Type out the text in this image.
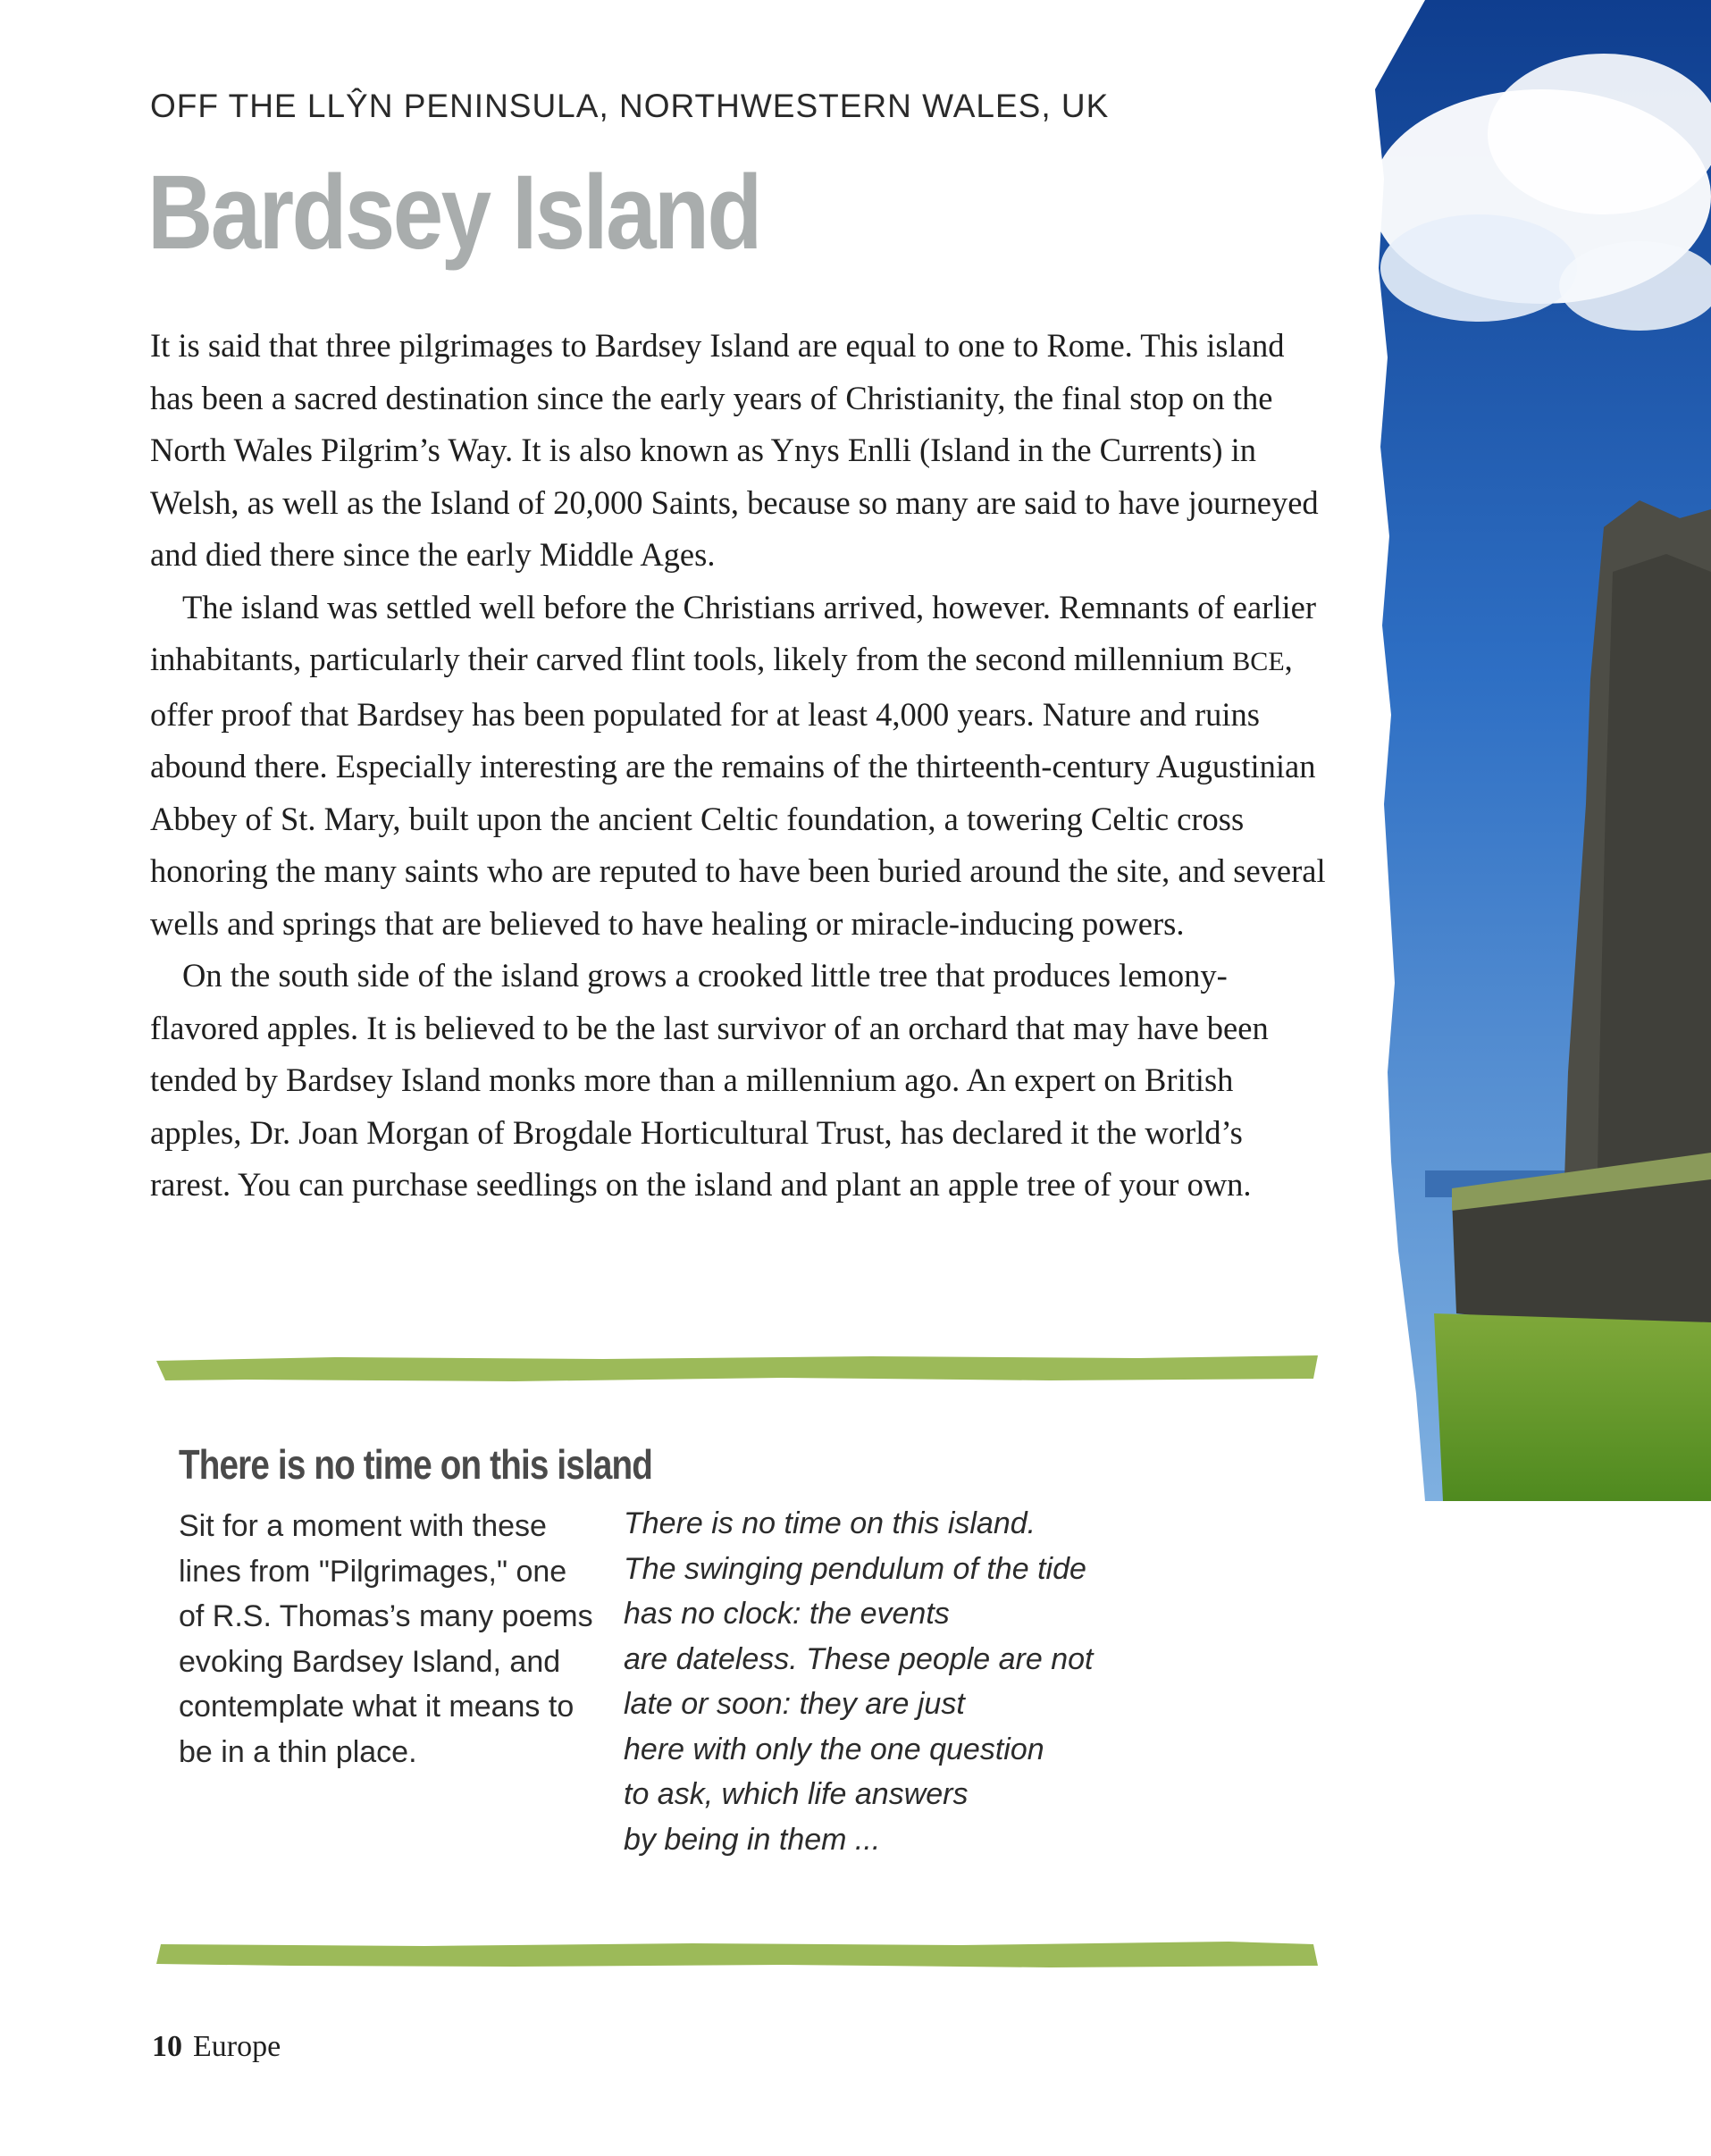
OFF THE LLŶN PENINSULA, NORTHWESTERN WALES, UK
Bardsey Island

It is said that three pilgrimages to Bardsey Island are equal to one to Rome. This island has been a sacred destination since the early years of Christianity, the final stop on the North Wales Pilgrim’s Way. It is also known as Ynys Enlli (Island in the Currents) in Welsh, as well as the Island of 20,000 Saints, because so many are said to have journeyed and died there since the early Middle Ages.

The island was settled well before the Christians arrived, however. Remnants of earlier inhabitants, particularly their carved flint tools, likely from the second millennium BCE, offer proof that Bardsey has been populated for at least 4,000 years. Nature and ruins abound there. Especially interesting are the remains of the thirteenth-century Augustinian Abbey of St. Mary, built upon the ancient Celtic foundation, a towering Celtic cross honoring the many saints who are reputed to have been buried around the site, and several wells and springs that are believed to have healing or miracle-inducing powers.

On the south side of the island grows a crooked little tree that produces lemony-flavored apples. It is believed to be the last survivor of an orchard that may have been tended by Bardsey Island monks more than a millennium ago. An expert on British apples, Dr. Joan Morgan of Brogdale Horticultural Trust, has declared it the world’s rarest. You can purchase seedlings on the island and plant an apple tree of your own.

There is no time on this island
Sit for a moment with these lines from "Pilgrimages," one of R.S. Thomas’s many poems evoking Bardsey Island, and contemplate what it means to be in a thin place.
There is no time on this island.
The swinging pendulum of the tide
has no clock: the events
are dateless. These people are not
late or soon: they are just
here with only the one question
to ask, which life answers
by being in them ...
10 Europe
